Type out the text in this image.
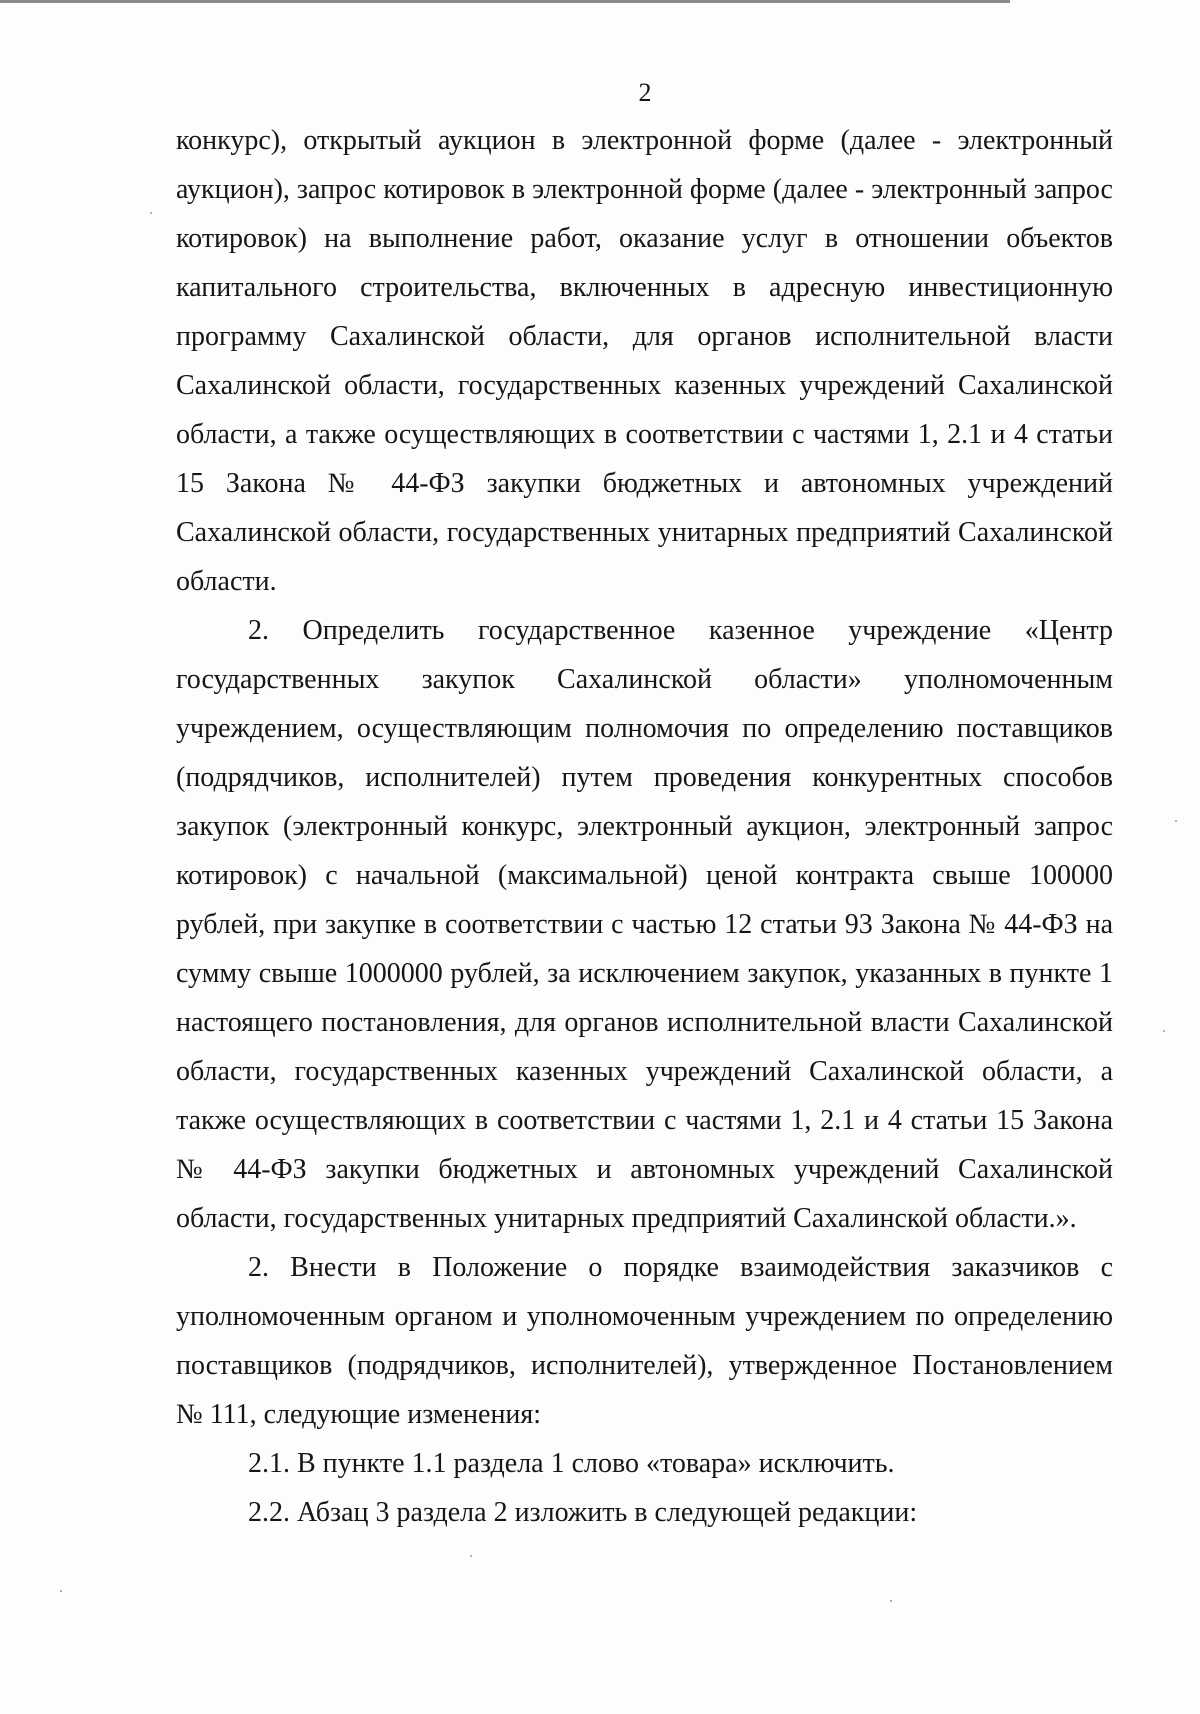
2

конкурс), открытый аукцион в электронной форме (далее - электронный аукцион), запрос котировок в электронной форме (далее - электронный запрос котировок) на выполнение работ, оказание услуг в отношении объектов капитального строительства, включенных в адресную инвестиционную программу Сахалинской области, для органов исполнительной власти Сахалинской области, государственных казенных учреждений Сахалинской области, а также осуществляющих в соответствии с частями 1, 2.1 и 4 статьи 15 Закона № 44-ФЗ закупки бюджетных и автономных учреждений Сахалинской области, государственных унитарных предприятий Сахалинской области.

2. Определить государственное казенное учреждение «Центр государственных закупок Сахалинской области» уполномоченным учреждением, осуществляющим полномочия по определению поставщиков (подрядчиков, исполнителей) путем проведения конкурентных способов закупок (электронный конкурс, электронный аукцион, электронный запрос котировок) с начальной (максимальной) ценой контракта свыше 100000 рублей, при закупке в соответствии с частью 12 статьи 93 Закона № 44-ФЗ на сумму свыше 1000000 рублей, за исключением закупок, указанных в пункте 1 настоящего постановления, для органов исполнительной власти Сахалинской области, государственных казенных учреждений Сахалинской области, а также осуществляющих в соответствии с частями 1, 2.1 и 4 статьи 15 Закона № 44-ФЗ закупки бюджетных и автономных учреждений Сахалинской области, государственных унитарных предприятий Сахалинской области.».

2. Внести в Положение о порядке взаимодействия заказчиков с уполномоченным органом и уполномоченным учреждением по определению поставщиков (подрядчиков, исполнителей), утвержденное Постановлением № 111, следующие изменения:

2.1. В пункте 1.1 раздела 1 слово «товара» исключить.

2.2. Абзац 3 раздела 2 изложить в следующей редакции:
